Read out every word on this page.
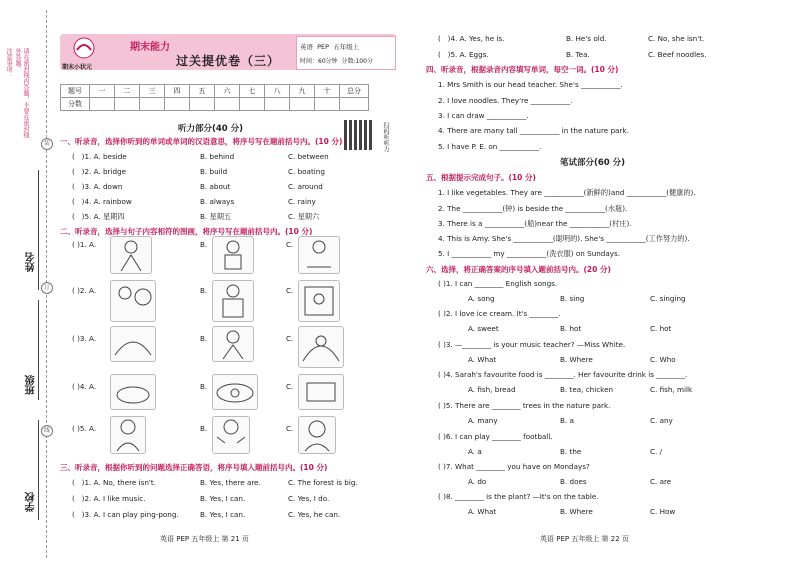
注意事项：	请在密封线内答题，不要在密封线外答题。
姓名
班级
学校
装
订
线
期末小状元
期末能力
过关提优卷（三）
英语 PEP 五年级上
时间：60分钟 分数:100分
题号	一	二	三	四	五	六	七	八	九	十	总分
分数											
扫码听听力
听力部分(40 分)
一、听录音，选择你听到的单词或单词的汉语意思，将序号写在题前括号内。(10 分)
( )1. A. beside	B. behind	C. between
( )2. A. bridge	B. build	C. boating
( )3. A. down	B. about	C. around
( )4. A. rainbow	B. always	C. rainy
( )5. A. 星期四	B. 星期五	C. 星期六
二、听录音，选择与句子内容相符的图画，将序号写在题前括号内。(10 分)
( )1. A.	B.	C.
( )2. A.	B.	C.
( )3. A.	B.	C.
( )4. A.	B.	C.
( )5. A.	B.	C.
三、听录音，根据你听到的问题选择正确答语，将序号填入题前括号内。(10 分)
( )1. A. No, there isn't.	B. Yes, there are.	C. The forest is big.
( )2. A. I like music.	B. Yes, I can.	C. Yes, I do.
( )3. A. I can play ping-pong.	B. Yes, I can.	C. Yes, he can.
英语 PEP 五年级上 第 21 页
( )4. A. Yes, he is.	B. He's old.	C. No, she isn't.
( )5. A. Eggs.	B. Tea.	C. Beef noodles.
四、听录音，根据录音内容填写单词，每空一词。(10 分)
1. Mrs Smith is our head teacher. She's ___________.
2. I love noodles. They're ___________.
3. I can draw ___________.
4. There are many tall ___________ in the nature park.
5. I have P. E. on ___________.
笔试部分(60 分)
五、根据提示完成句子。(10 分)
1. I like vegetables. They are ___________(新鲜的)and ___________(健康的).
2. The ___________(钟) is beside the ___________(水瓶).
3. There is a ___________(船)near the ___________(村庄).
4. This is Amy. She's ___________(聪明的). She's ___________(工作努力的).
5. I ___________ my ___________(洗衣服) on Sundays.
六、选择，将正确答案的序号填入题前括号内。(20 分)
( )1. I can ________ English songs.
A. song	B. sing	C. singing
( )2. I love ice cream. It's ________.
A. sweet	B. hot	C. hot
( )3. —________ is your music teacher? —Miss White.
A. What	B. Where	C. Who
( )4. Sarah's favourite food is ________. Her favourite drink is ________.
A. fish, bread	B. tea, chicken	C. fish, milk
( )5. There are ________ trees in the nature park.
A. many	B. a	C. any
( )6. I can play ________ football.
A. a	B. the	C. /
( )7. What ________ you have on Mondays?
A. do	B. does	C. are
( )8. ________ is the plant? —It's on the table.
A. What	B. Where	C. How
英语 PEP 五年级上 第 22 页
